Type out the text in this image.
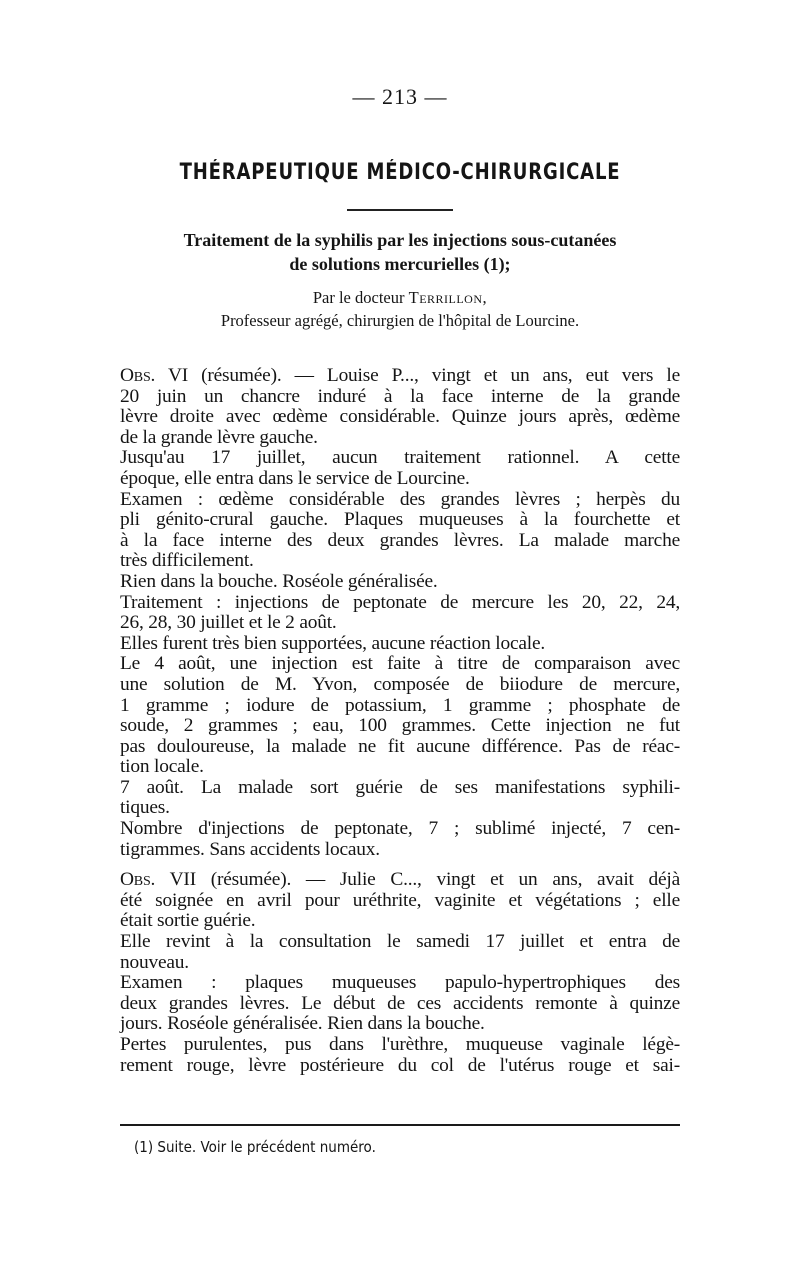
— 213 —
THÉRAPEUTIQUE MÉDICO-CHIRURGICALE
Traitement de la syphilis par les injections sous-cutanées
de solutions mercurielles (1);
Par le docteur Terrillon,
Professeur agrégé, chirurgien de l'hôpital de Lourcine.
Obs. VI (résumée). — Louise P..., vingt et un ans, eut vers le
20 juin un chancre induré à la face interne de la grande
lèvre droite avec œdème considérable. Quinze jours après, œdème
de la grande lèvre gauche.
Jusqu'au 17 juillet, aucun traitement rationnel. A cette
époque, elle entra dans le service de Lourcine.
Examen : œdème considérable des grandes lèvres ; herpès du
pli génito-crural gauche. Plaques muqueuses à la fourchette et
à la face interne des deux grandes lèvres. La malade marche
très difficilement.
Rien dans la bouche. Roséole généralisée.
Traitement : injections de peptonate de mercure les 20, 22, 24,
26, 28, 30 juillet et le 2 août.
Elles furent très bien supportées, aucune réaction locale.
Le 4 août, une injection est faite à titre de comparaison avec
une solution de M. Yvon, composée de biiodure de mercure,
1 gramme ; iodure de potassium, 1 gramme ; phosphate de
soude, 2 grammes ; eau, 100 grammes. Cette injection ne fut
pas douloureuse, la malade ne fit aucune différence. Pas de réac-
tion locale.
7 août. La malade sort guérie de ses manifestations syphili-
tiques.
Nombre d'injections de peptonate, 7 ; sublimé injecté, 7 cen-
tigrammes. Sans accidents locaux.
Obs. VII (résumée). — Julie C..., vingt et un ans, avait déjà
été soignée en avril pour uréthrite, vaginite et végétations ; elle
était sortie guérie.
Elle revint à la consultation le samedi 17 juillet et entra de
nouveau.
Examen : plaques muqueuses papulo-hypertrophiques des
deux grandes lèvres. Le début de ces accidents remonte à quinze
jours. Roséole généralisée. Rien dans la bouche.
Pertes purulentes, pus dans l'urèthre, muqueuse vaginale légè-
rement rouge, lèvre postérieure du col de l'utérus rouge et sai-
(1) Suite. Voir le précédent numéro.
